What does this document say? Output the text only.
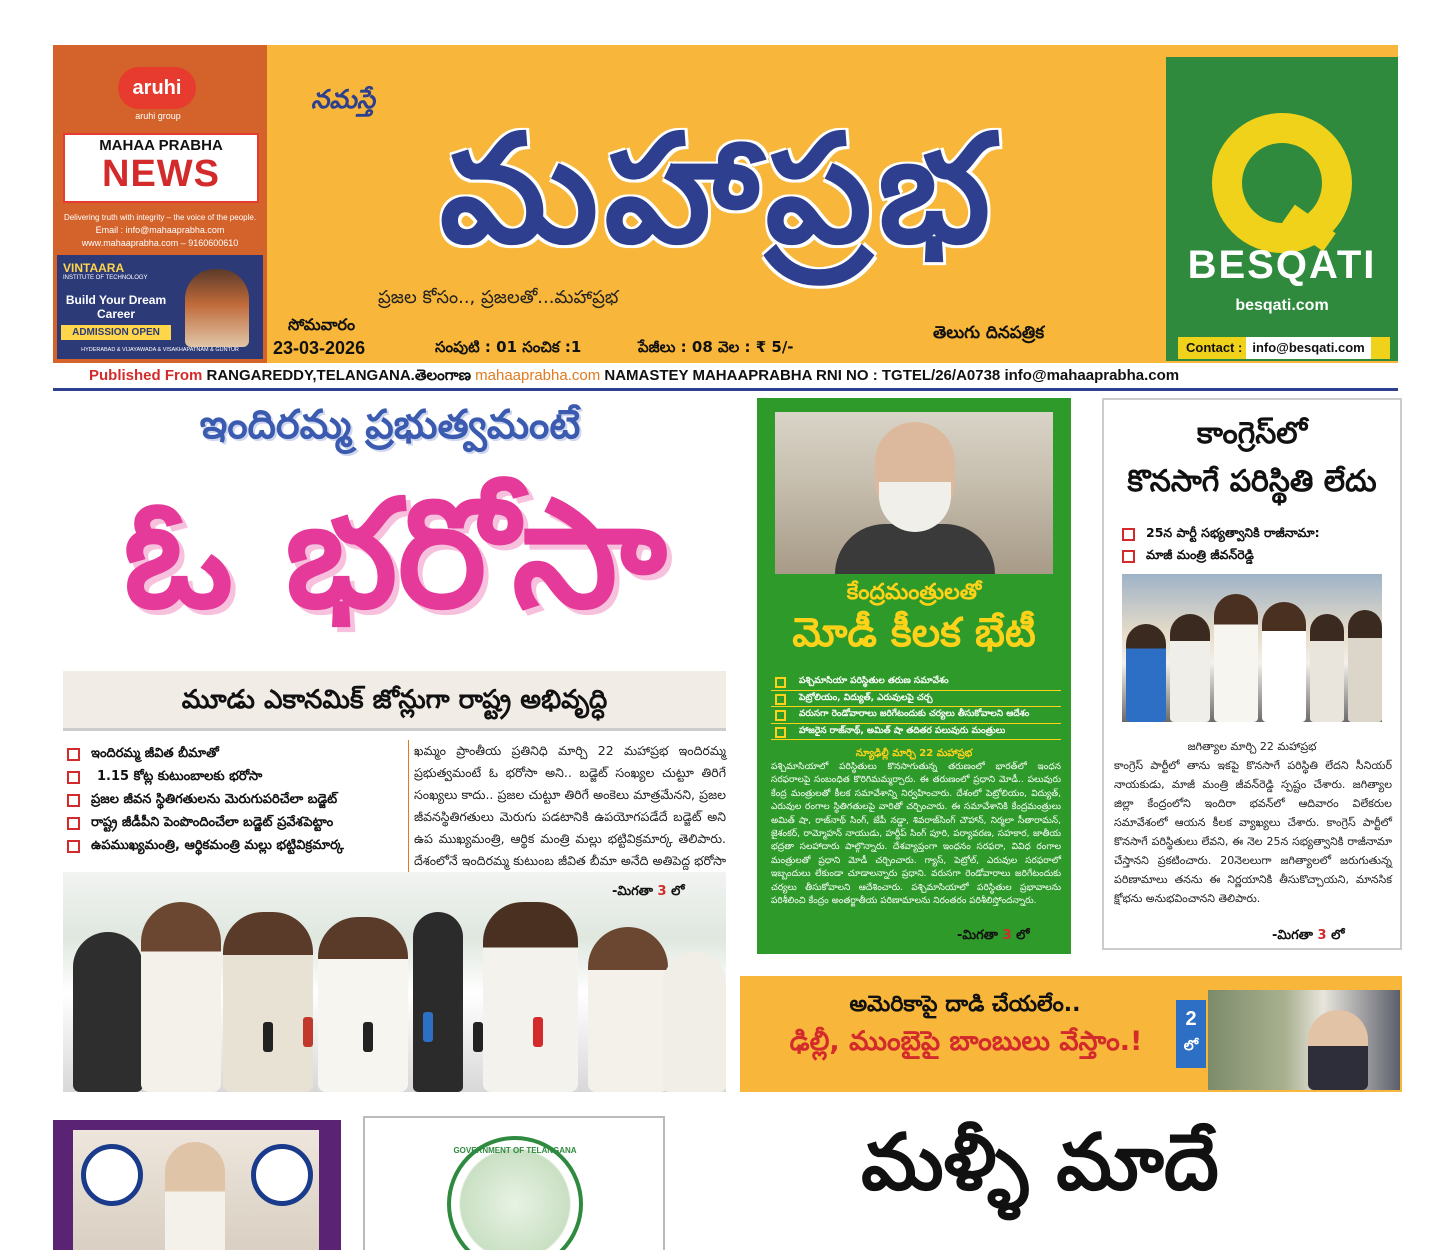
aruhi
aruhi group
MAHAA PRABHA
NEWS
Delivering truth with integrity – the voice of the people.
Email : info@mahaaprabha.com
www.mahaaprabha.com – 9160600610
VINTAARA
INSTITUTE OF TECHNOLOGY
Build Your Dream Career
ADMISSION OPEN
HYDERABAD & VIJAYAWADA & VISAKHAPATNAM & GUNTUR
నమస్తే
మహాప్రభ
ప్రజల కోసం.., ప్రజలతో...మహాప్రభ
సోమవారం
23-03-2026	సంపుటి : 01 సంచిక :1	పేజీలు : 08 వెల : ₹ 5/-
తెలుగు దినపత్రిక
BESQATI
besqati.com
Contact : info@besqati.com
Published From RANGAREDDY,TELANGANA.తెలంగాణ mahaaprabha.com NAMASTEY MAHAAPRABHA RNI NO : TGTEL/26/A0738 info@mahaaprabha.com
ఇందిరమ్మ ప్రభుత్వమంటే
ఓ భరోసా
మూడు ఎకానమిక్ జోన్లుగా రాష్ట్ర అభివృద్ధి
ఇందిరమ్మ జీవిత బీమాతో
1.15 కోట్ల కుటుంబాలకు భరోసా
ప్రజల జీవన స్థితిగతులను మెరుగుపరిచేలా బడ్జెట్
రాష్ట్ర జీడీపీని పెంపొందించేలా బడ్జెట్ ప్రవేశపెట్టాం
ఉపముఖ్యమంత్రి, ఆర్థికమంత్రి మల్లు భట్టివిక్రమార్క
ఖమ్మం ప్రాంతీయ ప్రతినిధి మార్చి 22 మహాప్రభ ఇందిరమ్మ ప్రభుత్వమంటే ఓ భరోసా అని.. బడ్జెట్ సంఖ్యల చుట్టూ తిరిగే సంఖ్యలు కాదు.. ప్రజల చుట్టూ తిరిగే అంకెలు మాత్రమేనని, ప్రజల జీవనస్థితిగతులు మెరుగు పడటానికి ఉపయోగపడేదే బడ్జెట్ అని ఉప ముఖ్యమంత్రి, ఆర్థిక మంత్రి మల్లు భట్టివిక్రమార్క తెలిపారు. దేశంలోనే ఇందిరమ్మ కుటుంబ జీవిత బీమా అనేది అతిపెద్ద భరోసా
-మిగతా 3 లో
కేంద్రమంత్రులతో
మోడీ కీలక భేటీ
పశ్చిమాసియా పరిస్థితుల తరుణ సమావేశం
పెట్రోలియం, విద్యుత్, ఎరువులపై చర్చ
వరుసగా రెండోవారాలు జరిగేటందుకు చర్యలు తీసుకోవాలని ఆదేశం
హాజరైన రాజ్‌నాథ్, అమిత్ షా తదితర పలువురు మంత్రులు
న్యూఢిల్లీ మార్చి 22 మహాప్రభ
పశ్చిమాసియాలో పరిస్థితులు కొనసాగుతున్న తరుణంలో భారత్‌లో ఇంధన సరఫరాలపై సంబంధిత కొరిగిమమ్మర్చారు. ఈ తరుణంలో ప్రధాని మోడీ.. పలువురు కేంద్ర మంత్రులతో కీలక సమావేశాన్ని నిర్వహించారు. దేశంలో పెట్రోలియం, విద్యుత్, ఎరువుల రంగాల స్థితిగతులపై వారితో చర్చించారు. ఈ సమావేశానికి కేంద్రమంత్రులు అమిత్ షా, రాజ్‌నాథ్ సింగ్, జేపీ నడ్డా, శివరాజ్‌సింగ్ చౌహాన్, నిర్మలా సీతారామన్, జైశంకర్, రామ్మోహన్ నాయుడు, హర్దీప్ సింగ్ పూరి, పర్యావరణ, సహకార, జాతీయ భద్రతా సలహాదారు పాల్గొన్నారు. దేశవ్యాప్తంగా ఇంధనం సరఫరా, వివిధ రంగాల మంత్రులతో ప్రధాని మోడీ చర్చించారు. గ్యాస్, పెట్రోల్, ఎరువుల సరఫరాలో ఇబ్బందులు లేకుండా చూడాలన్నారు ప్రధాని. వరుసగా రెండోవారాలు జరిగేటందుకు చర్యలు తీసుకోవాలని ఆదేశించారు. పశ్చిమాసియాలో పరిస్థితుల ప్రభావాలను పరిశీలించి కేంద్రం అంతర్జాతీయ పరిణామాలను నిరంతరం పరిశీలిస్తోందన్నారు.
-మిగతా 3 లో
కాంగ్రెస్‌లో
కొనసాగే పరిస్థితి లేదు
25న పార్టీ సభ్యత్వానికి రాజీనామా:
మాజీ మంత్రి జీవన్‌రెడ్డి
జగిత్యాల మార్చి 22 మహాప్రభ
కాంగ్రెస్ పార్టీలో తాను ఇకపై కొనసాగే పరిస్థితి లేదని సీనియర్ నాయకుడు, మాజీ మంత్రి జీవన్‌రెడ్డి స్పష్టం చేశారు. జగిత్యాల జిల్లా కేంద్రంలోని ఇందిరా భవన్‌లో ఆదివారం విలేకరుల సమావేశంలో ఆయన కీలక వ్యాఖ్యలు చేశారు. కాంగ్రెస్ పార్టీలో కొనసాగే పరిస్థితులు లేవని, ఈ నెల 25న సభ్యత్వానికి రాజీనామా చేస్తానని ప్రకటించారు. 20నెలలుగా జగిత్యాలలో జరుగుతున్న పరిణామాలు తనను ఈ నిర్ణయానికి తీసుకొచ్చాయని, మానసిక క్షోభను అనుభవించానని తెలిపారు.
-మిగతా 3 లో
అమెరికాపై దాడి చేయలేం..
ఢిల్లీ, ముంబైపై బాంబులు వేస్తాం.!
2
లో
GOVERNMENT OF TELANGANA	మళ్ళీ మాదే
